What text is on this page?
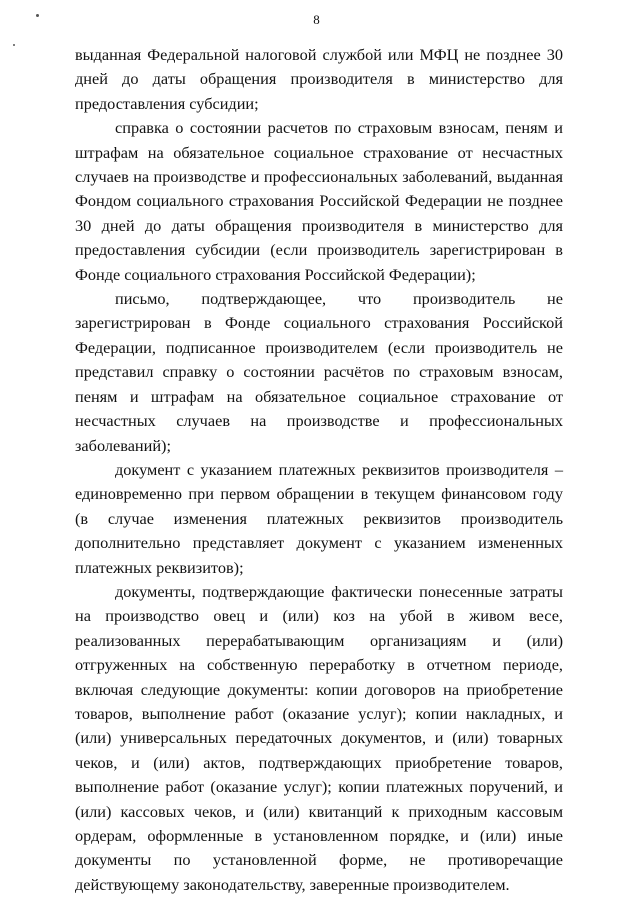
8

выданная Федеральной налоговой службой или МФЦ не позднее 30 дней до даты обращения производителя в министерство для предоставления субсидии;

справка о состоянии расчетов по страховым взносам, пеням и штрафам на обязательное социальное страхование от несчастных случаев на производстве и профессиональных заболеваний, выданная Фондом социального страхования Российской Федерации не позднее 30 дней до даты обращения производителя в министерство для предоставления субсидии (если производитель зарегистрирован в Фонде социального страхования Российской Федерации);

письмо, подтверждающее, что производитель не зарегистрирован в Фонде социального страхования Российской Федерации, подписанное производителем (если производитель не представил справку о состоянии расчётов по страховым взносам, пеням и штрафам на обязательное социальное страхование от несчастных случаев на производстве и профессиональных заболеваний);

документ с указанием платежных реквизитов производителя – единовременно при первом обращении в текущем финансовом году (в случае изменения платежных реквизитов производитель дополнительно представляет документ с указанием измененных платежных реквизитов);

документы, подтверждающие фактически понесенные затраты на производство овец и (или) коз на убой в живом весе, реализованных перерабатывающим организациям и (или) отгруженных на собственную переработку в отчетном периоде, включая следующие документы: копии договоров на приобретение товаров, выполнение работ (оказание услуг); копии накладных, и (или) универсальных передаточных документов, и (или) товарных чеков, и (или) актов, подтверждающих приобретение товаров, выполнение работ (оказание услуг); копии платежных поручений, и (или) кассовых чеков, и (или) квитанций к приходным кассовым ордерам, оформленные в установленном порядке, и (или) иные документы по установленной форме, не противоречащие действующему законодательству, заверенные производителем.
